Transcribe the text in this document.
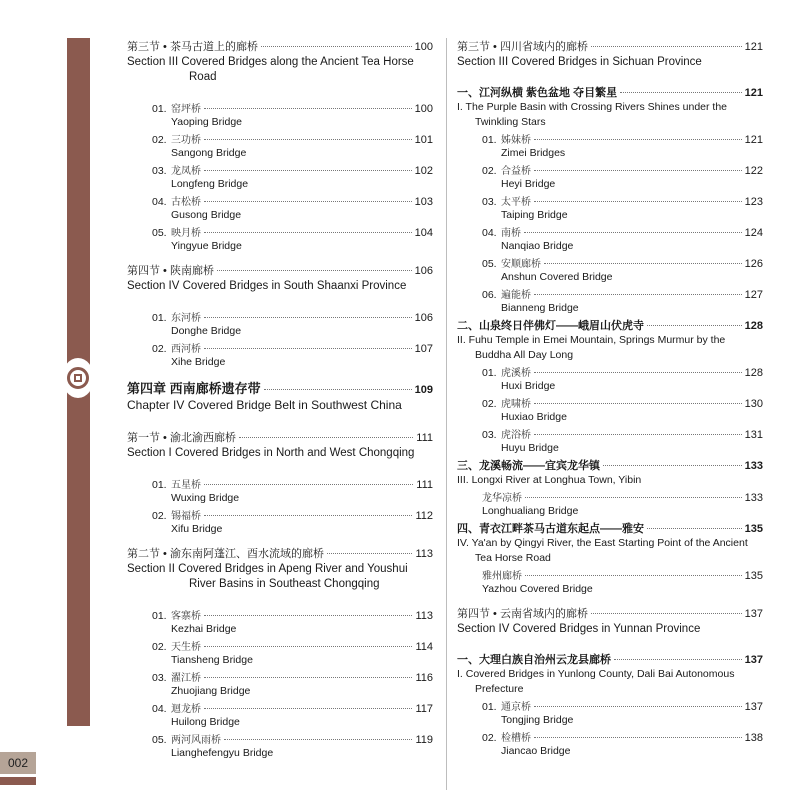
002
第三节 • 茶马古道上的廊桥	100
Section III Covered Bridges along the Ancient Tea Horse Road
01. 窑坪桥	100
Yaoping Bridge
02. 三功桥	101
Sangong Bridge
03. 龙凤桥	102
Longfeng Bridge
04. 古松桥	103
Gusong Bridge
05. 映月桥	104
Yingyue Bridge
第四节 • 陕南廊桥	106
Section IV Covered Bridges in South Shaanxi Province
01. 东河桥	106
Donghe Bridge
02. 西河桥	107
Xihe Bridge
第四章 西南廊桥遗存带	109
Chapter IV Covered Bridge Belt in Southwest China
第一节 • 渝北渝西廊桥	111
Section I Covered Bridges in North and West Chongqing
01. 五星桥	111
Wuxing Bridge
02. 锡福桥	112
Xifu Bridge
第二节 • 渝东南阿蓬江、酉水流域的廊桥	113
Section II Covered Bridges in Apeng River and Youshui River Basins in Southeast Chongqing
01. 客寨桥	113
Kezhai Bridge
02. 天生桥	114
Tiansheng Bridge
03. 濯江桥	116
Zhuojiang Bridge
04. 迴龙桥	117
Huilong Bridge
05. 两河风雨桥	119
Lianghefengyu Bridge
第三节 • 四川省域内的廊桥	121
Section III Covered Bridges in Sichuan Province
一、江河纵横 紫色盆地 夺目繁星	121
I. The Purple Basin with Crossing Rivers Shines under the Twinkling Stars
01. 姊妹桥	121
Zimei Bridges
02. 合益桥	122
Heyi Bridge
03. 太平桥	123
Taiping Bridge
04. 南桥	124
Nanqiao Bridge
05. 安顺廊桥	126
Anshun Covered Bridge
06. 遍能桥	127
Bianneng Bridge
二、山泉终日伴佛灯——峨眉山伏虎寺	128
II. Fuhu Temple in Emei Mountain, Springs Murmur by the Buddha All Day Long
01. 虎溪桥	128
Huxi Bridge
02. 虎啸桥	130
Huxiao Bridge
03. 虎浴桥	131
Huyu Bridge
三、龙溪畅流——宜宾龙华镇	133
III. Longxi River at Longhua Town, Yibin
龙华凉桥	133
Longhualiang Bridge
四、青衣江畔茶马古道东起点——雅安	135
IV. Ya'an by Qingyi River, the East Starting Point of the Ancient Tea Horse Road
雅州廊桥	135
Yazhou Covered Bridge
第四节 • 云南省域内的廊桥	137
Section IV Covered Bridges in Yunnan Province
一、大理白族自治州云龙县廊桥	137
I. Covered Bridges in Yunlong County, Dali Bai Autonomous Prefecture
01. 通京桥	137
Tongjing Bridge
02. 检槽桥	138
Jiancao Bridge
